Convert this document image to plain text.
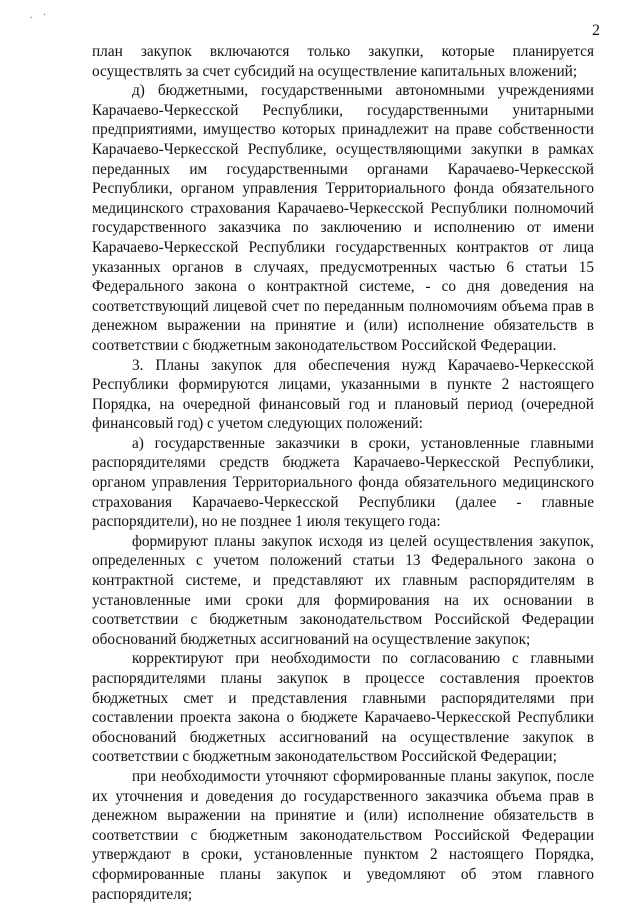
. ·
2

план закупок включаются только закупки, которые планируется осуществлять за счет субсидий на осуществление капитальных вложений;

д) бюджетными, государственными автономными учреждениями Карачаево-Черкесской Республики, государственными унитарными предприятиями, имущество которых принадлежит на праве собственности Карачаево-Черкесской Республике, осуществляющими закупки в рамках переданных им государственными органами Карачаево-Черкесской Республики, органом управления Территориального фонда обязательного медицинского страхования Карачаево-Черкесской Республики полномочий государственного заказчика по заключению и исполнению от имени Карачаево-Черкесской Республики государственных контрактов от лица указанных органов в случаях, предусмотренных частью 6 статьи 15 Федерального закона о контрактной системе, - со дня доведения на соответствующий лицевой счет по переданным полномочиям объема прав в денежном выражении на принятие и (или) исполнение обязательств в соответствии с бюджетным законодательством Российской Федерации.

3. Планы закупок для обеспечения нужд Карачаево-Черкесской Республики формируются лицами, указанными в пункте 2 настоящего Порядка, на очередной финансовый год и плановый период (очередной финансовый год) с учетом следующих положений:

а) государственные заказчики в сроки, установленные главными распорядителями средств бюджета Карачаево-Черкесской Республики, органом управления Территориального фонда обязательного медицинского страхования Карачаево-Черкесской Республики (далее - главные распорядители), но не позднее 1 июля текущего года:

формируют планы закупок исходя из целей осуществления закупок, определенных с учетом положений статьи 13 Федерального закона о контрактной системе, и представляют их главным распорядителям в установленные ими сроки для формирования на их основании в соответствии с бюджетным законодательством Российской Федерации обоснований бюджетных ассигнований на осуществление закупок;

корректируют при необходимости по согласованию с главными распорядителями планы закупок в процессе составления проектов бюджетных смет и представления главными распорядителями при составлении проекта закона о бюджете Карачаево-Черкесской Республики обоснований бюджетных ассигнований на осуществление закупок в соответствии с бюджетным законодательством Российской Федерации;

при необходимости уточняют сформированные планы закупок, после их уточнения и доведения до государственного заказчика объема прав в денежном выражении на принятие и (или) исполнение обязательств в соответствии с бюджетным законодательством Российской Федерации утверждают в сроки, установленные пунктом 2 настоящего Порядка, сформированные планы закупок и уведомляют об этом главного распорядителя;
